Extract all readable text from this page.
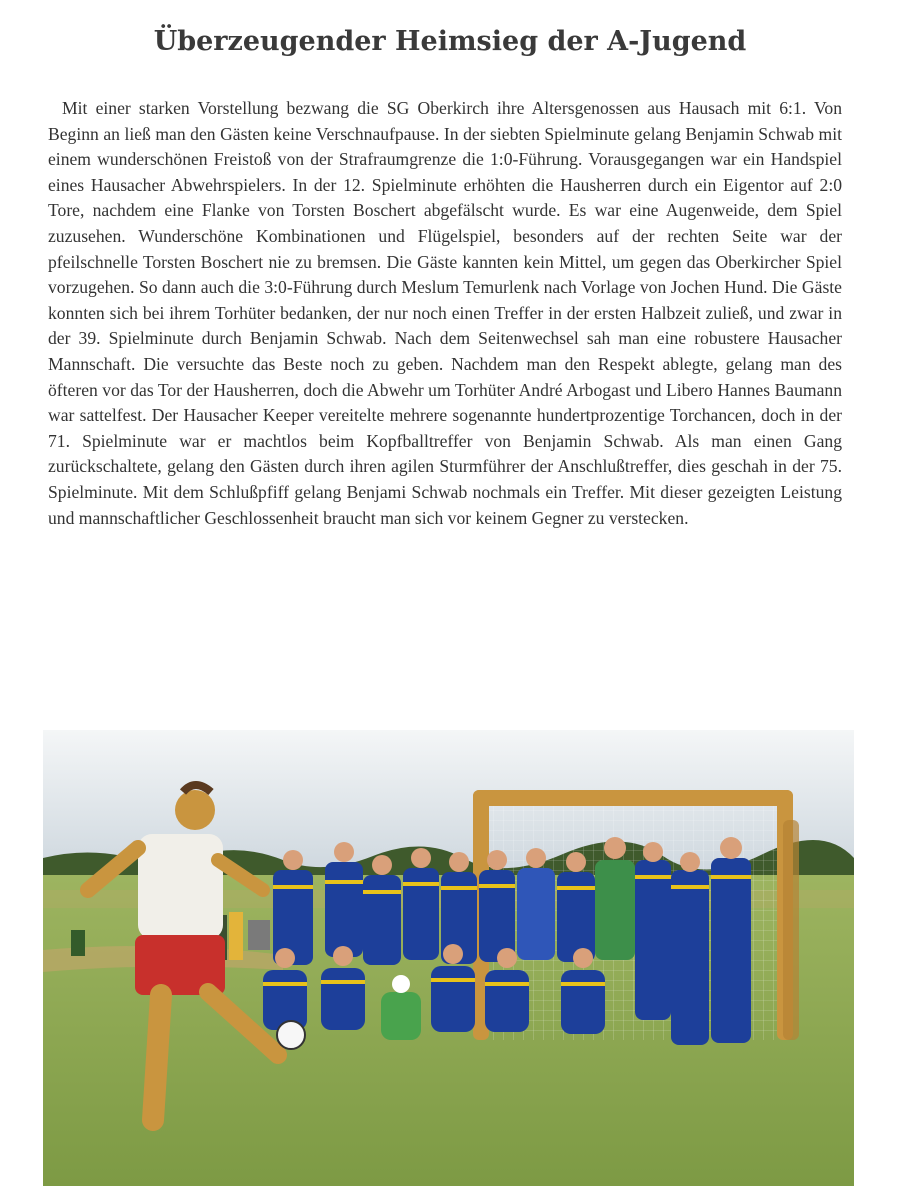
Überzeugender Heimsieg der A-Jugend

Mit einer starken Vorstellung bezwang die SG Oberkirch ihre Altersgenossen aus Hausach mit 6:1. Von Beginn an ließ man den Gästen keine Verschnaufpause. In der siebten Spielminute gelang Benjamin Schwab mit einem wunderschönen Freistoß von der Strafraumgrenze die 1:0-Führung. Vorausgegangen war ein Handspiel eines Hausacher Abwehrspielers. In der 12. Spielminute erhöhten die Hausherren durch ein Eigentor auf 2:0 Tore, nachdem eine Flanke von Torsten Boschert abgefälscht wurde. Es war eine Augenweide, dem Spiel zuzusehen. Wunderschöne Kombinationen und Flügelspiel, besonders auf der rechten Seite war der pfeilschnelle Torsten Boschert nie zu bremsen. Die Gäste kannten kein Mittel, um gegen das Oberkircher Spiel vorzugehen. So dann auch die 3:0-Führung durch Meslum Temurlenk nach Vorlage von Jochen Hund. Die Gäste konnten sich bei ihrem Torhüter bedanken, der nur noch einen Treffer in der ersten Halbzeit zuließ, und zwar in der 39. Spielminute durch Benjamin Schwab. Nach dem Seitenwechsel sah man eine robustere Hausacher Mannschaft. Die versuchte das Beste noch zu geben. Nachdem man den Respekt ablegte, gelang man des öfteren vor das Tor der Hausherren, doch die Abwehr um Torhüter André Arbogast und Libero Hannes Baumann war sattelfest. Der Hausacher Keeper vereitelte mehrere sogenannte hundertprozentige Torchancen, doch in der 71. Spielminute war er machtlos beim Kopfballtreffer von Benjamin Schwab. Als man einen Gang zurückschaltete, gelang den Gästen durch ihren agilen Sturmführer der Anschlußtreffer, dies geschah in der 75. Spielminute. Mit dem Schlußpfiff gelang Benjami Schwab nochmals ein Treffer. Mit dieser gezeigten Leistung und mannschaftlicher Geschlossenheit braucht man sich vor keinem Gegner zu verstecken.
